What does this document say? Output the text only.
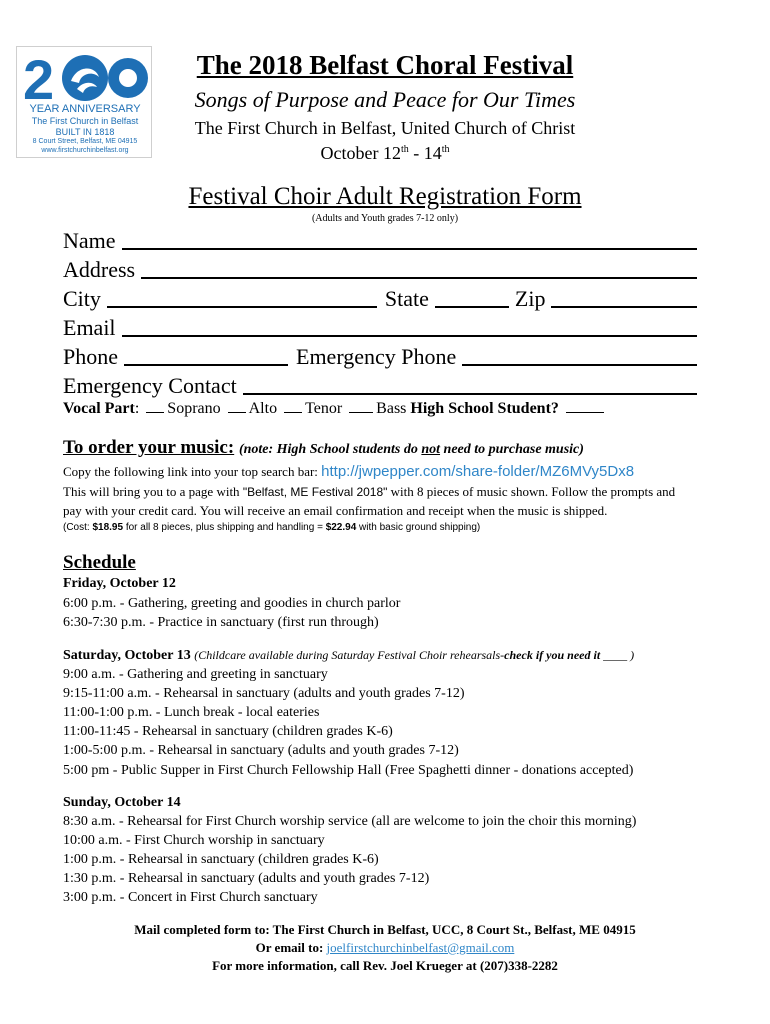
2
YEAR ANNIVERSARY
The First Church in Belfast
BUILT IN 1818
8 Court Street, Belfast, ME 04915
www.firstchurchinbelfast.org
The 2018 Belfast Choral Festival
Songs of Purpose and Peace for Our Times
The First Church in Belfast, United Church of Christ
October 12th - 14th
Festival Choir Adult Registration Form
(Adults and Youth grades 7-12 only)
Name
Address
City	State	Zip
Email
Phone	Emergency Phone
Emergency Contact
Vocal Part: Soprano Alto Tenor Bass High School Student?
To order your music: (note: High School students do not need to purchase music)
Copy the following link into your top search bar: http://jwpepper.com/share-folder/MZ6MVy5Dx8
This will bring you to a page with "Belfast, ME Festival 2018" with 8 pieces of music shown. Follow the prompts and
pay with your credit card. You will receive an email confirmation and receipt when the music is shipped.
(Cost: $18.95 for all 8 pieces, plus shipping and handling = $22.94 with basic ground shipping)
Schedule
Friday, October 12
6:00 p.m. - Gathering, greeting and goodies in church parlor
6:30-7:30 p.m. - Practice in sanctuary (first run through)
Saturday, October 13 (Childcare available during Saturday Festival Choir rehearsals-check if you need it ____ )
9:00 a.m. - Gathering and greeting in sanctuary
9:15-11:00 a.m. - Rehearsal in sanctuary (adults and youth grades 7-12)
11:00-1:00 p.m. - Lunch break - local eateries
11:00-11:45 - Rehearsal in sanctuary (children grades K-6)
1:00-5:00 p.m. - Rehearsal in sanctuary (adults and youth grades 7-12)
5:00 pm - Public Supper in First Church Fellowship Hall (Free Spaghetti dinner - donations accepted)
Sunday, October 14
8:30 a.m. - Rehearsal for First Church worship service (all are welcome to join the choir this morning)
10:00 a.m. - First Church worship in sanctuary
1:00 p.m. - Rehearsal in sanctuary (children grades K-6)
1:30 p.m. - Rehearsal in sanctuary (adults and youth grades 7-12)
3:00 p.m. - Concert in First Church sanctuary
Mail completed form to: The First Church in Belfast, UCC, 8 Court St., Belfast, ME 04915
Or email to: joelfirstchurchinbelfast@gmail.com
For more information, call Rev. Joel Krueger at (207)338-2282
